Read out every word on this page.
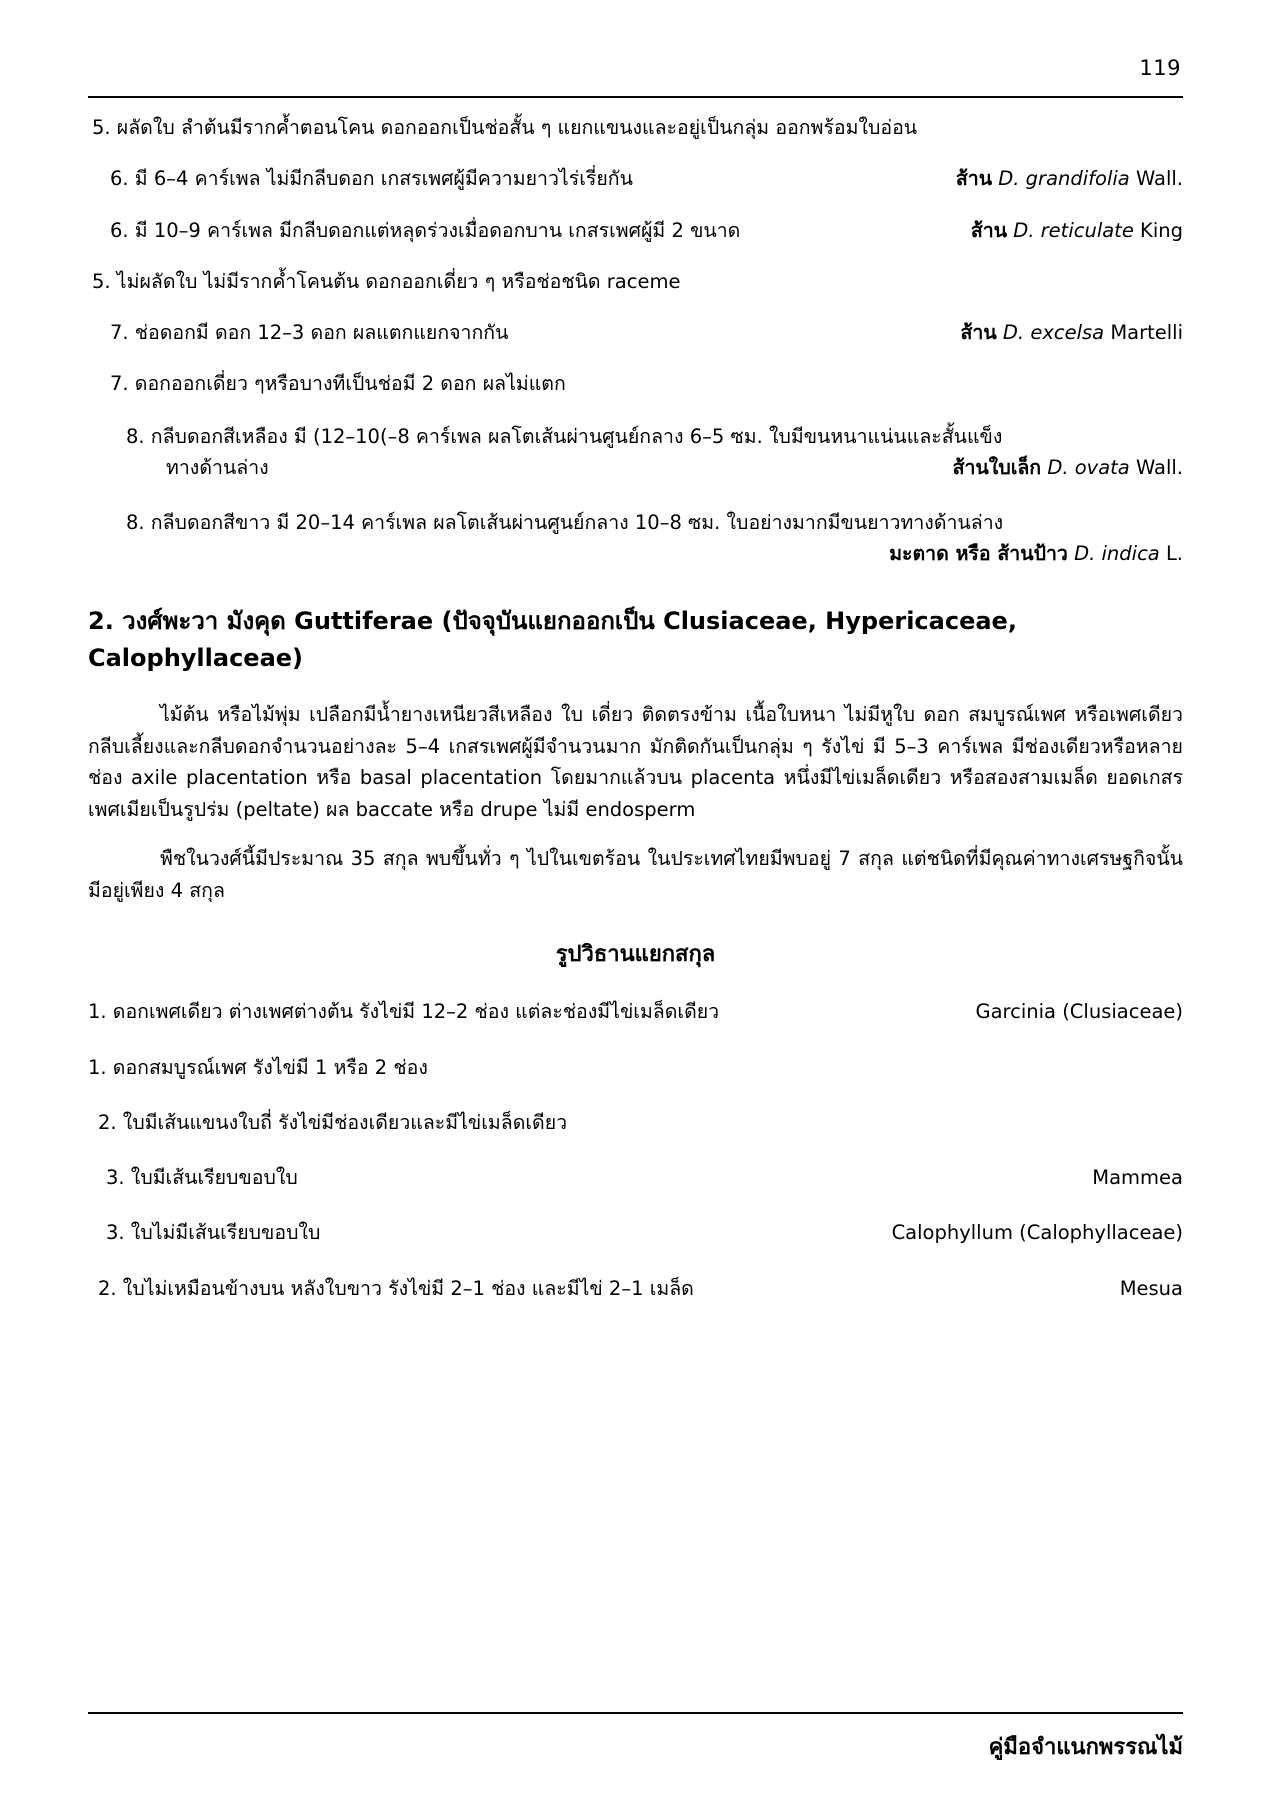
119
5. ผลัดใบ ลำต้นมีรากค้ำตอนโคน ดอกออกเป็นช่อสั้น ๆ แยกแขนงและอยู่เป็นกลุ่ม ออกพร้อมใบอ่อน
ส้าน D. grandifolia Wall.
6. มี 6–4 คาร์เพล ไม่มีกลีบดอก เกสรเพศผู้มีความยาวไร่เรี่ยกัน
ส้าน D. reticulate King
6. มี 10–9 คาร์เพล มีกลีบดอกแต่หลุดร่วงเมื่อดอกบาน เกสรเพศผู้มี 2 ขนาด
5. ไม่ผลัดใบ ไม่มีรากค้ำโคนต้น ดอกออกเดี่ยว ๆ หรือช่อชนิด raceme
ส้าน D. excelsa Martelli
7. ช่อดอกมี ดอก 12–3 ดอก ผลแตกแยกจากกัน
7. ดอกออกเดี่ยว ๆหรือบางทีเป็นช่อมี 2 ดอก ผลไม่แตก
8. กลีบดอกสีเหลือง มี (12–10(–8 คาร์เพล ผลโตเส้นผ่านศูนย์กลาง 6–5 ซม. ใบมีขนหนาแน่นและสั้นแข็ง
ส้านใบเล็ก D. ovata Wall.
ทางด้านล่าง
8. กลีบดอกสีขาว มี 20–14 คาร์เพล ผลโตเส้นผ่านศูนย์กลาง 10–8 ซม. ใบอย่างมากมีขนยาวทางด้านล่าง
มะตาด หรือ ส้านป้าว D. indica L.
2. วงศ์พะวา มังคุด Guttiferae (ปัจจุบันแยกออกเป็น Clusiaceae, Hypericaceae, Calophyllaceae)

ไม้ต้น หรือไม้พุ่ม เปลือกมีน้ำยางเหนียวสีเหลือง ใบ เดี่ยว ติดตรงข้าม เนื้อใบหนา ไม่มีหูใบ ดอก สมบูรณ์เพศ หรือเพศเดียว กลีบเลี้ยงและกลีบดอกจำนวนอย่างละ 5–4 เกสรเพศผู้มีจำนวนมาก มักติดกันเป็นกลุ่ม ๆ รังไข่ มี 5–3 คาร์เพล มีช่องเดียวหรือหลายช่อง axile placentation หรือ basal placentation โดยมากแล้วบน placenta หนึ่งมีไข่เมล็ดเดียว หรือสองสามเมล็ด ยอดเกสรเพศเมียเป็นรูปร่ม (peltate) ผล baccate หรือ drupe ไม่มี endosperm

พืชในวงศ์นี้มีประมาณ 35 สกุล พบขึ้นทั่ว ๆ ไปในเขตร้อน ในประเทศไทยมีพบอยู่ 7 สกุล แต่ชนิดที่มีคุณค่าทางเศรษฐกิจนั้นมีอยู่เพียง 4 สกุล

รูปวิธานแยกสกุล
Garcinia (Clusiaceae)
1. ดอกเพศเดียว ต่างเพศต่างต้น รังไข่มี 12–2 ช่อง แต่ละช่องมีไข่เมล็ดเดียว
1. ดอกสมบูรณ์เพศ รังไข่มี 1 หรือ 2 ช่อง
2. ใบมีเส้นแขนงใบถี่ รังไข่มีช่องเดียวและมีไข่เมล็ดเดียว
Mammea
3. ใบมีเส้นเรียบขอบใบ
Calophyllum (Calophyllaceae)
3. ใบไม่มีเส้นเรียบขอบใบ
Mesua
2. ใบไม่เหมือนข้างบน หลังใบขาว รังไข่มี 2–1 ช่อง และมีไข่ 2–1 เมล็ด
คู่มือจำแนกพรรณไม้
